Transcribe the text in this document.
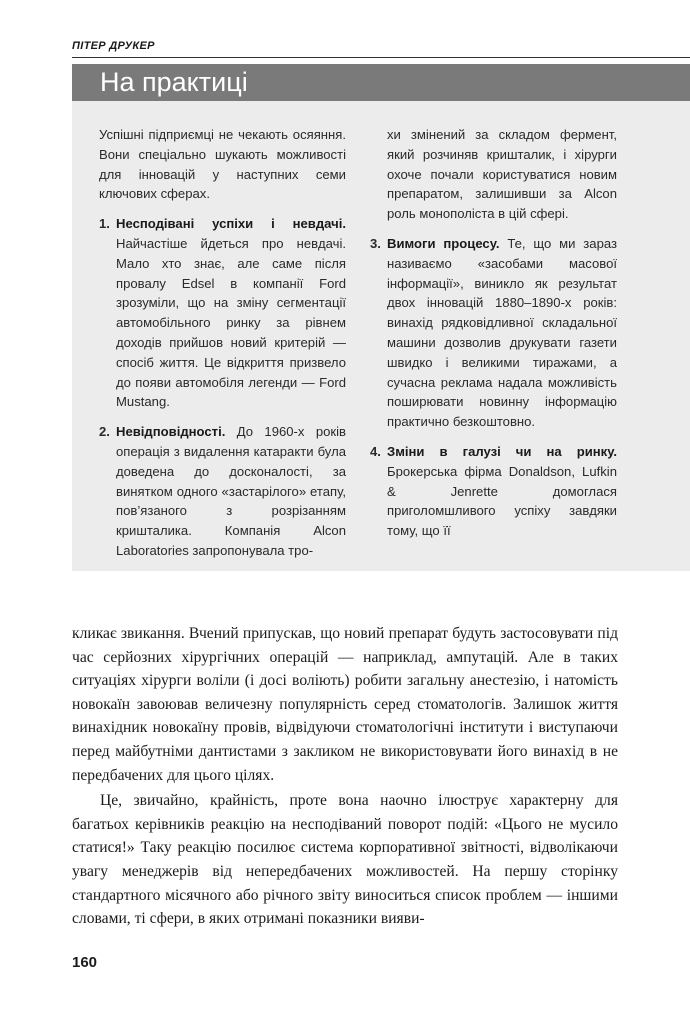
ПІТЕР ДРУКЕР
На практиці

Успішні підприємці не чекають осяяння. Вони спеціально шукають можливості для інновацій у наступних семи ключових сферах.

1. Несподівані успіхи і невдачі. Найчастіше йдеться про невдачі. Мало хто знає, але саме після провалу Edsel в компанії Ford зрозуміли, що на зміну сегментації автомобільного ринку за рівнем доходів прийшов новий критерій — спосіб життя. Це відкриття призвело до появи автомобіля легенди — Ford Mustang.

2. Невідповідності. До 1960-х років операція з видалення катаракти була доведена до досконалості, за винятком одного «застарілого» етапу, пов’язаного з розрізанням кришталика. Компанія Alcon Laboratories запропонувала тро-

хи змінений за складом фермент, який розчиняв кришталик, і хірурги охоче почали користуватися новим препаратом, залишивши за Alcon роль монополіста в цій сфері.

3. Вимоги процесу. Те, що ми зараз називаємо «засобами масової інформації», виникло як результат двох інновацій 1880–1890-х років: винахід рядковідливної складальної машини дозволив друкувати газети швидко і великими тиражами, а сучасна реклама надала можливість поширювати новинну інформацію практично безкоштовно.

4. Зміни в галузі чи на ринку. Брокерська фірма Donaldson, Lufkin & Jenrette домоглася приголомшливого успіху завдяки тому, що її

кликає звикання. Вчений припускав, що новий препарат будуть застосовувати під час серйозних хірургічних операцій — наприклад, ампутацій. Але в таких ситуаціях хірурги воліли (і досі воліють) робити загальну анестезію, і натомість новокаїн завоював величезну популярність серед стоматологів. Залишок життя винахідник новокаїну провів, відвідуючи стоматологічні інститути і виступаючи перед майбутніми дантистами з закликом не використовувати його винахід в не передбачених для цього цілях.

Це, звичайно, крайність, проте вона наочно ілюструє характерну для багатьох керівників реакцію на несподіваний поворот подій: «Цього не мусило статися!» Таку реакцію посилює система корпоративної звітності, відволікаючи увагу менеджерів від непередбачених можливостей. На першу сторінку стандартного місячного або річного звіту виноситься список проблем — іншими словами, ті сфери, в яких отримані показники вияви-

160
